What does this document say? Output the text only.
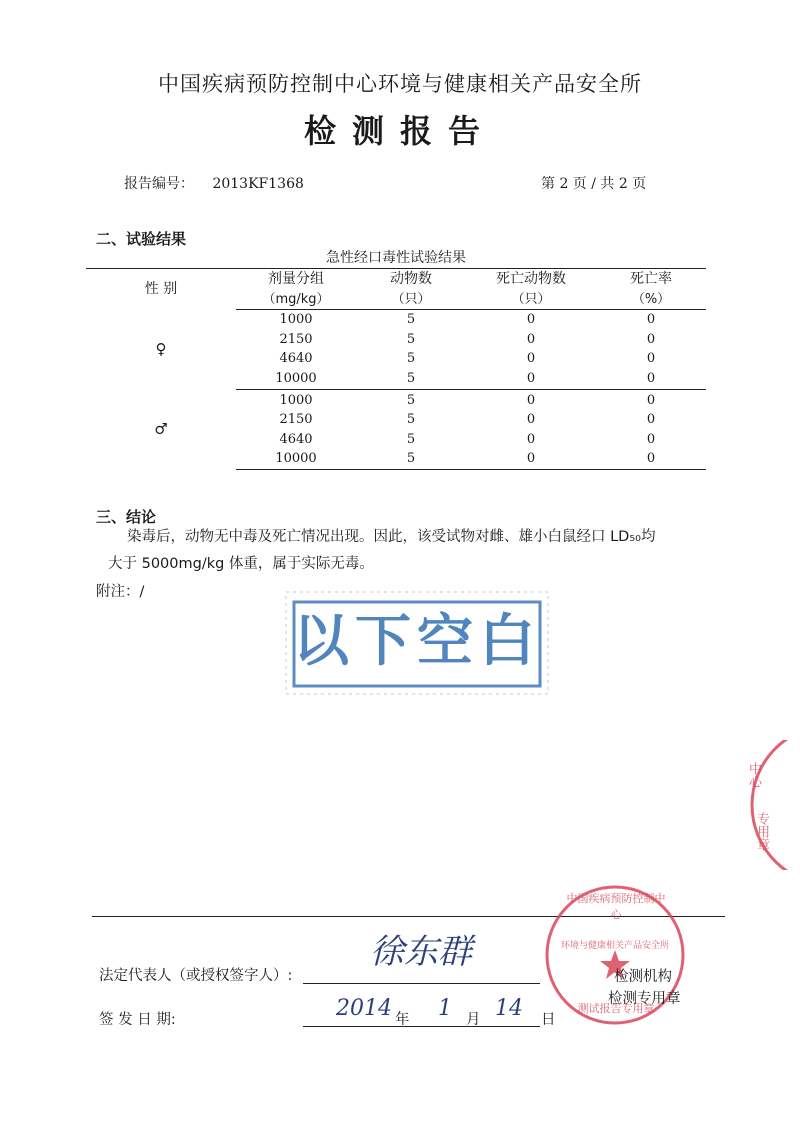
中国疾病预防控制中心环境与健康相关产品安全所
检测报告
报告编号： 2013KF1368	第 2 页 / 共 2 页
二、试验结果
急性经口毒性试验结果
性 别	剂量分组	动物数	死亡动物数	死亡率
	（mg/kg）	（只）	（只）	（%）
♀	1000	5	0	0
	2150	5	0	0
	4640	5	0	0
	10000	5	0	0
♂	1000	5	0	0
	2150	5	0	0
	4640	5	0	0
	10000	5	0	0
三、结论
染毒后，动物无中毒及死亡情况出现。因此，该受试物对雌、雄小白鼠经口 LD₅₀均
大于 5000mg/kg 体重，属于实际无毒。
附注：/
以下空白
中心
专用章
中国疾病预防控制中心
环境与健康相关产品安全所
测试报告专用章
检测机构
检测专用章
法定代表人（或授权签字人）:
徐东群
签 发 日 期:	2014 年 1 月 14 日
